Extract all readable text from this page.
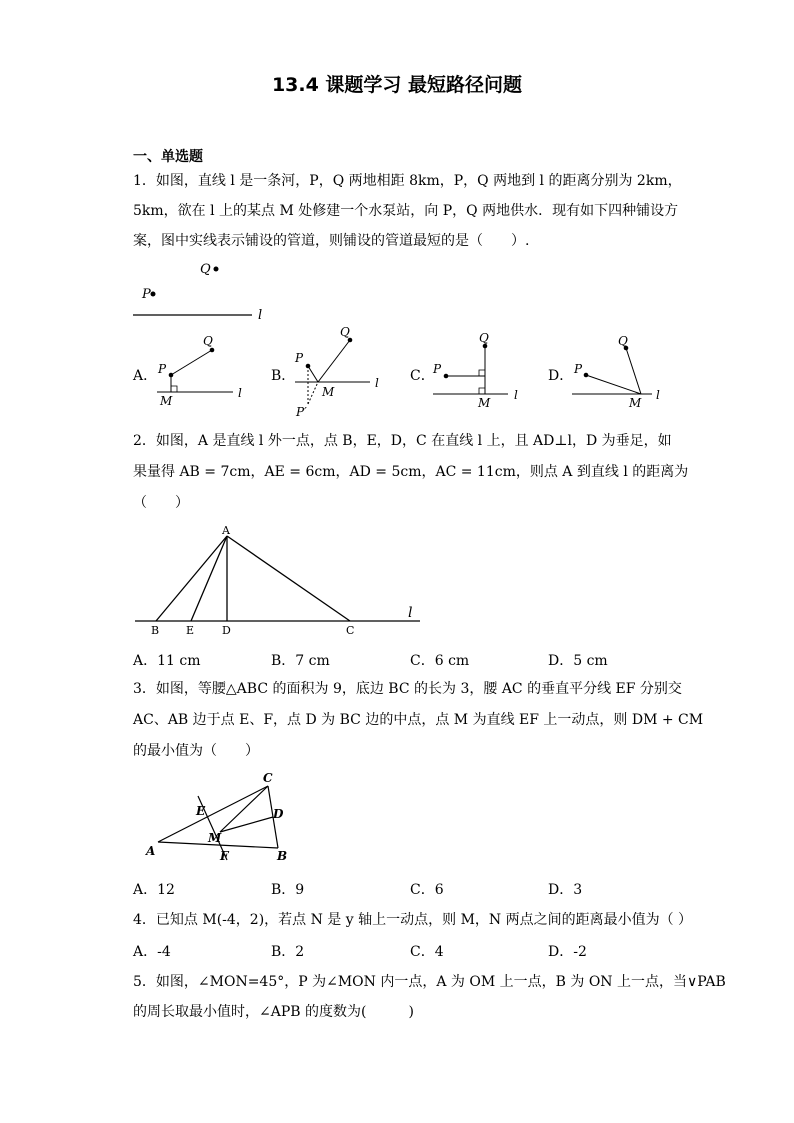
13.4 课题学习 最短路径问题
一、单选题
1．如图，直线 l 是一条河，P，Q 两地相距 8km，P，Q 两地到 l 的距离分别为 2km，
5km，欲在 l 上的某点 M 处修建一个水泵站，向 P，Q 两地供水．现有如下四种铺设方
案，图中实线表示铺设的管道，则铺设的管道最短的是（　　）.
Q
P
l
P
Q
M
l
P
Q
M
l
P′
P
Q
M
l
P
Q
M
l
A
B E	D	C
l
A	B
C
D
E
F
M
A．	B．	C．	D．
2．如图，A 是直线 l 外一点，点 B，E，D，C 在直线 l 上，且 AD⊥l，D 为垂足，如
果量得 AB = 7cm，AE = 6cm，AD = 5cm，AC = 11cm，则点 A 到直线 l 的距离为
（　　）
A．11 cm	B．7 cm	C．6 cm	D．5 cm
3．如图，等腰△ABC 的面积为 9，底边 BC 的长为 3，腰 AC 的垂直平分线 EF 分别交
AC、AB 边于点 E、F，点 D 为 BC 边的中点，点 M 为直线 EF 上一动点，则 DM + CM
的最小值为（　　）
A．12	B．9	C．6	D．3
4．已知点 M(-4，2)，若点 N 是 y 轴上一动点，则 M，N 两点之间的距离最小值为（ ）
A．-4	B．2	C．4	D．-2
5．如图，∠MON=45°，P 为∠MON 内一点，A 为 OM 上一点，B 为 ON 上一点，当∨PAB
的周长取最小值时，∠APB 的度数为(　　　)
